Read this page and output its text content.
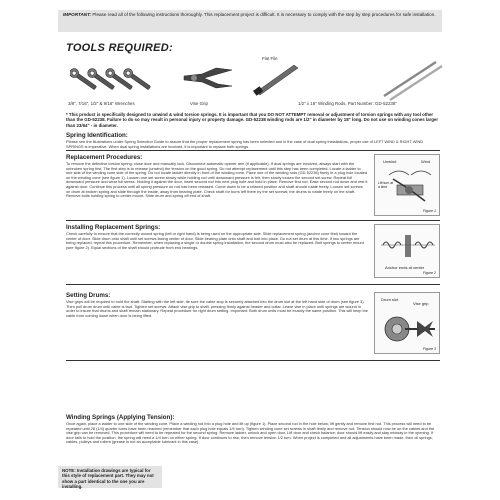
IMPORTANT: Please read all of the following instructions thoroughly. This replacement project is difficult. It is necessary to comply with the step by step procedures for safe installation.
TOOLS REQUIRED:
3/8", 7/16", 1/2" & 9/16" Wrenches	Vise Grip
Flat File
1/2" x 16" Winding Rods, Part Number: GD-52238"
* This product is specifically designed to unwind & wind torsion springs. It is important that you DO NOT ATTEMPT removal or adjustment of torsion springs with any tool other than the GD-52238. Failure to do so may result in personal injury or property damage. GD-52238 winding rods are 1/2" in diameter by 18" long. Do not use on winding cones larger than 23/64" - in diameter.
Spring Identification:
Please see the illustrations under Spring Selection Guide to assure that the proper replacement spring has been selected and in the case of dual spring installations, proper use of LEFT WIND & RIGHT WIND SPRINGS is imperative. When dual spring installations are involved, it is important to replace both springs.
Replacement Procedures:
To remove the defective torsion spring: close door and manually lock. Disconnect automatic opener arm (if applicable). If dual springs are involved, always start with the unbroken spring first. The first step is to release (unwind) the tension on the good spring. Do not attempt replacement until this step has been completed. Locate a ladder to one side of the winding cone side of the spring. Do not locate ladder directly in front of the winding cone. Place one of the winding rods (GD-52238) firmly in a plug hole located on the winding cone (see figure 1). Loosen one set screw slowly while holding rod until downward pressure is felt, then slowly loosen the second set screw. Repeat full downward pressure and wear full stress. Holding it against the door, insert second rod into next plug hole and hold in place. Remove first rod. Ease second rod down and rest it against door. Continue this process until all spring pressure on rod has been released. Come down to be a relaxed position and shaft should rotate freely. Loosen set screws on drum at broken spring and slide through the inside, away from bearing plate. Check shaft for burrs left there by the set screws; the drums to rotate freely on the shaft. Remove bolts holding spring to center mount. Slide drum and spring off end of shaft.
Unwind	Wind
Lift turn at a time
Figure 1
Installing Replacement Springs:
Check carefully to ensure that the correctly wound spring (left or right hand) is being used on the appropriate side. Slide replacement spring (anchor cone first) toward the center of door. Slide drum onto shaft until set screws facing center of door. Slide bearing plate onto shaft and bolt into place. Do not set drum at this time. If two springs are being replaced, repeat this procedure. Remember, when replacing a single or double spring installation, the second drum must also be replaced. Bolt springs to center mount (see figure 2). Equal sections of the shaft should protrude from end bearings.
Anchor ends at center
Figure 2
Setting Drums:
Vise grips will be required to hold the shaft. Starting with the left side, tie sure the cable stop is securely attached into the drum slot at the left hand side of drum (see figure 3). Then pull drum drum until cable is taut. Tighten set screws. Attach vise grip to shaft, pressing firmly against header and collar. Leave vise in place until springs are wound in order to insure that drums and shaft remain stationary. Repeat procedure for right drum setting. Important: Both drum units must be exactly the same position. This will keep the cable from coming loose when door is being lifted.
Drum slot
Vise grip
Figure 3
Winding Springs (Applying Tension):
Once again, place a ladder to one side of the winding cone. Place a winding rod into a plug hole and lift up (figure 1). Place second rod in the hole below; lift gently and remove first rod. This process will need to be repeated until 28 (1/4) quarter turns have been reached (remember that each plug hole equals 1/4 turn). Tighten winding cone set screws in shaft firmly and remove rod. Tension should now be on the cables and the vise grip can be removed. This procedure will need to be repeated for the second spring. Remove ladder, unlock and open door. Lift door and check balance; door should lift easily and stay midway in the opening. If door fails to hold the position, the spring will need a 1/4 turn on either spring. If door continues to rise, then remove tension 1/2 turn. When project is completed and all adjustments have been made, then oil springs, cables, pulleys and rollers (grease is not an acceptable lubricant in this case).
NOTE: Installation drawings are typical for this style of replacement part. They may not show a part identical to the one you are installing.
